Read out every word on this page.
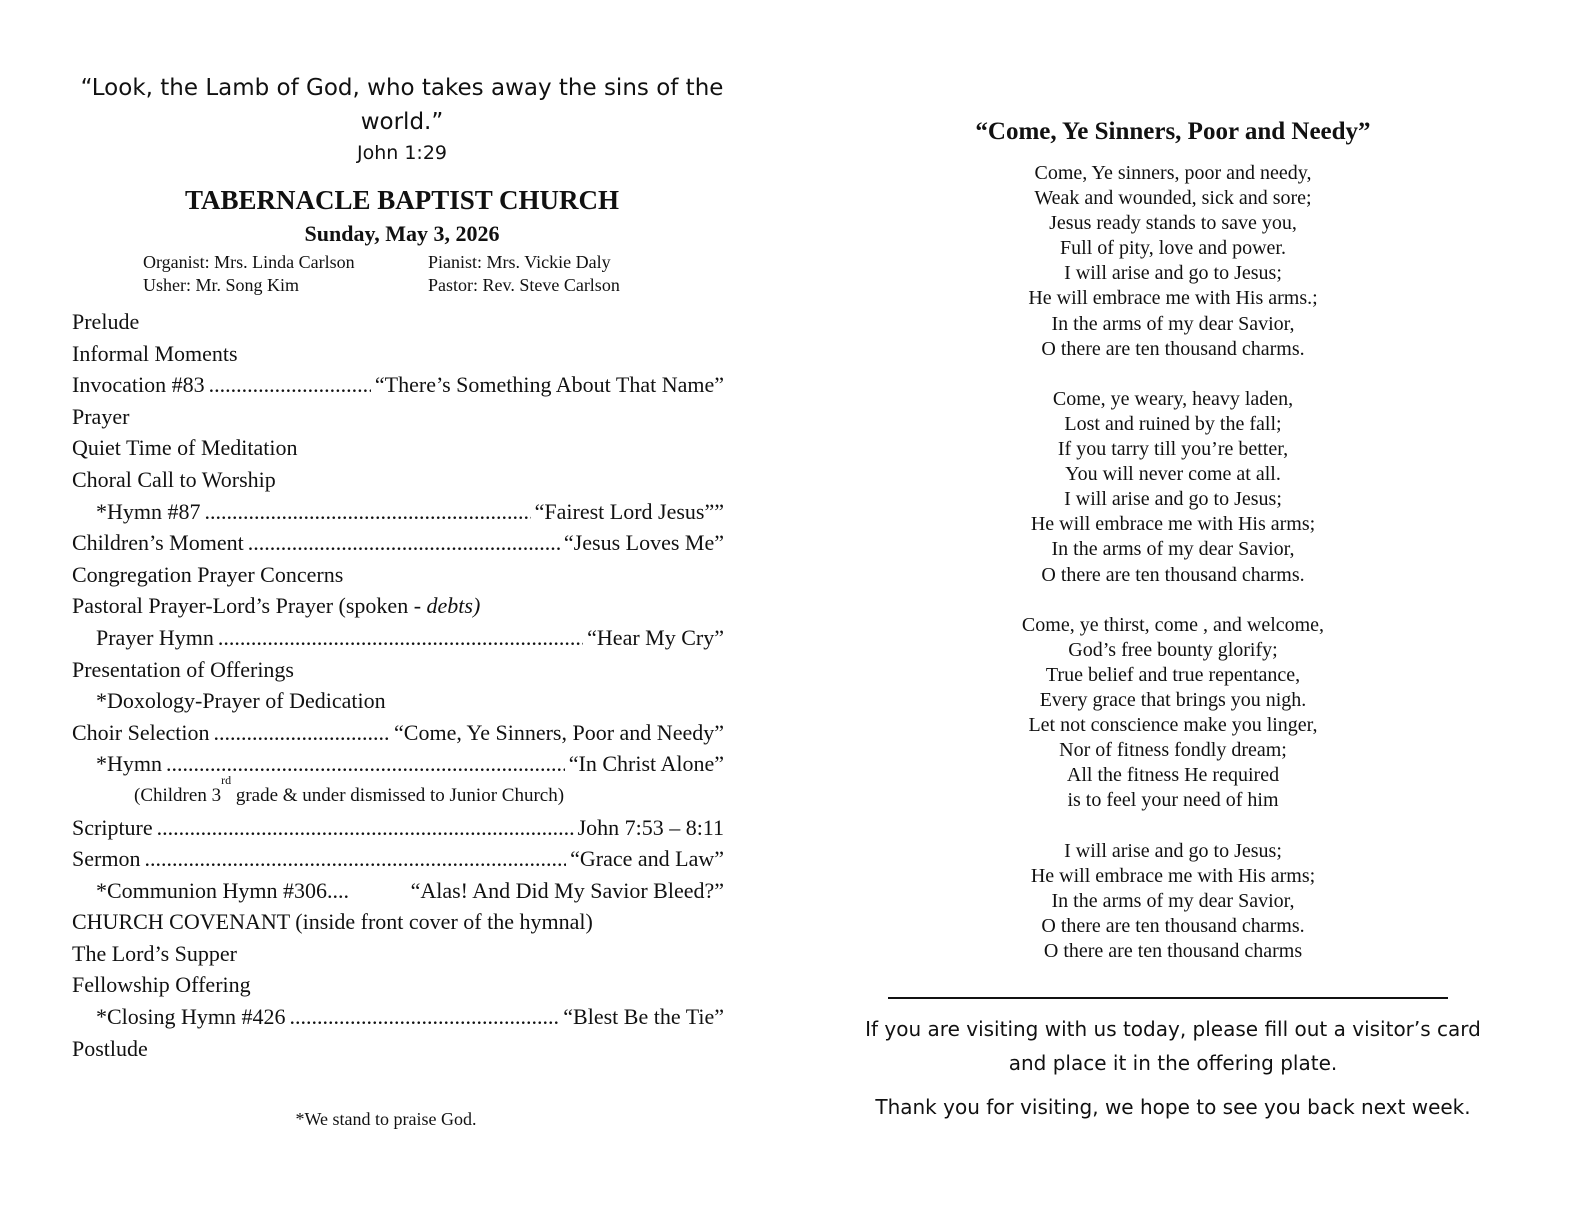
“Look, the Lamb of God, who takes away the sins of the world.”
John 1:29
TABERNACLE BAPTIST CHURCH
Sunday, May 3, 2026
Organist: Mrs. Linda Carlson	Pianist: Mrs. Vickie Daly
Usher: Mr. Song Kim	Pastor: Rev. Steve Carlson
Prelude
Informal Moments
Invocation #83 .....	“There’s Something About That Name”
Prayer
Quiet Time of Meditation
Choral Call to Worship
*Hymn #87 .....	“Fairest Lord Jesus””
Children’s Moment .....	“Jesus Loves Me”
Congregation Prayer Concerns
Pastoral Prayer-Lord’s Prayer (spoken - debts)
Prayer Hymn .....	“Hear My Cry”
Presentation of Offerings
*Doxology-Prayer of Dedication
Choir Selection .....	“Come, Ye Sinners, Poor and Needy”
*Hymn .....	“In Christ Alone”
(Children 3
rd
grade & under dismissed to Junior Church)
Scripture .....	John 7:53 – 8:11
Sermon .....	“Grace and Law”
*Communion Hymn #306....	“Alas! And Did My Savior Bleed?”
CHURCH COVENANT (inside front cover of the hymnal)
The Lord’s Supper
Fellowship Offering
*Closing Hymn #426 .....	“Blest Be the Tie”
Postlude
*We stand to praise God.
“Come, Ye Sinners, Poor and Needy”
Come, Ye sinners, poor and needy,
Weak and wounded, sick and sore;
Jesus ready stands to save you,
Full of pity, love and power.
I will arise and go to Jesus;
He will embrace me with His arms.;
In the arms of my dear Savior,
O there are ten thousand charms.
Come, ye weary, heavy laden,
Lost and ruined by the fall;
If you tarry till you’re better,
You will never come at all.
I will arise and go to Jesus;
He will embrace me with His arms;
In the arms of my dear Savior,
O there are ten thousand charms.
Come, ye thirst, come , and welcome,
God’s free bounty glorify;
True belief and true repentance,
Every grace that brings you nigh.
Let not conscience make you linger,
Nor of fitness fondly dream;
All the fitness He required
is to feel your need of him
I will arise and go to Jesus;
He will embrace me with His arms;
In the arms of my dear Savior,
O there are ten thousand charms.
O there are ten thousand charms
If you are visiting with us today, please fill out a visitor’s card and place it in the offering plate.
Thank you for visiting, we hope to see you back next week.
